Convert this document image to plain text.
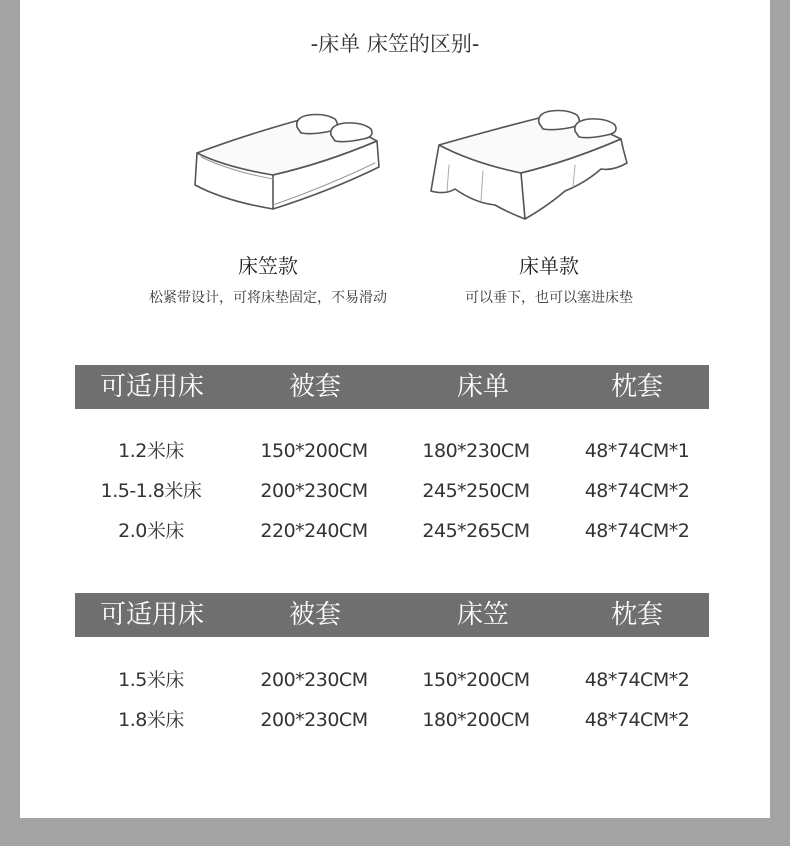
-床单 床笠的区别-
床笠款
松紧带设计，可将床垫固定，不易滑动
床单款
可以垂下，也可以塞进床垫
可适用床	被套	床单	枕套
1.2米床	150*200CM	180*230CM	48*74CM*1
1.5-1.8米床	200*230CM	245*250CM	48*74CM*2
2.0米床	220*240CM	245*265CM	48*74CM*2
可适用床	被套	床笠	枕套
1.5米床	200*230CM	150*200CM	48*74CM*2
1.8米床	200*230CM	180*200CM	48*74CM*2
